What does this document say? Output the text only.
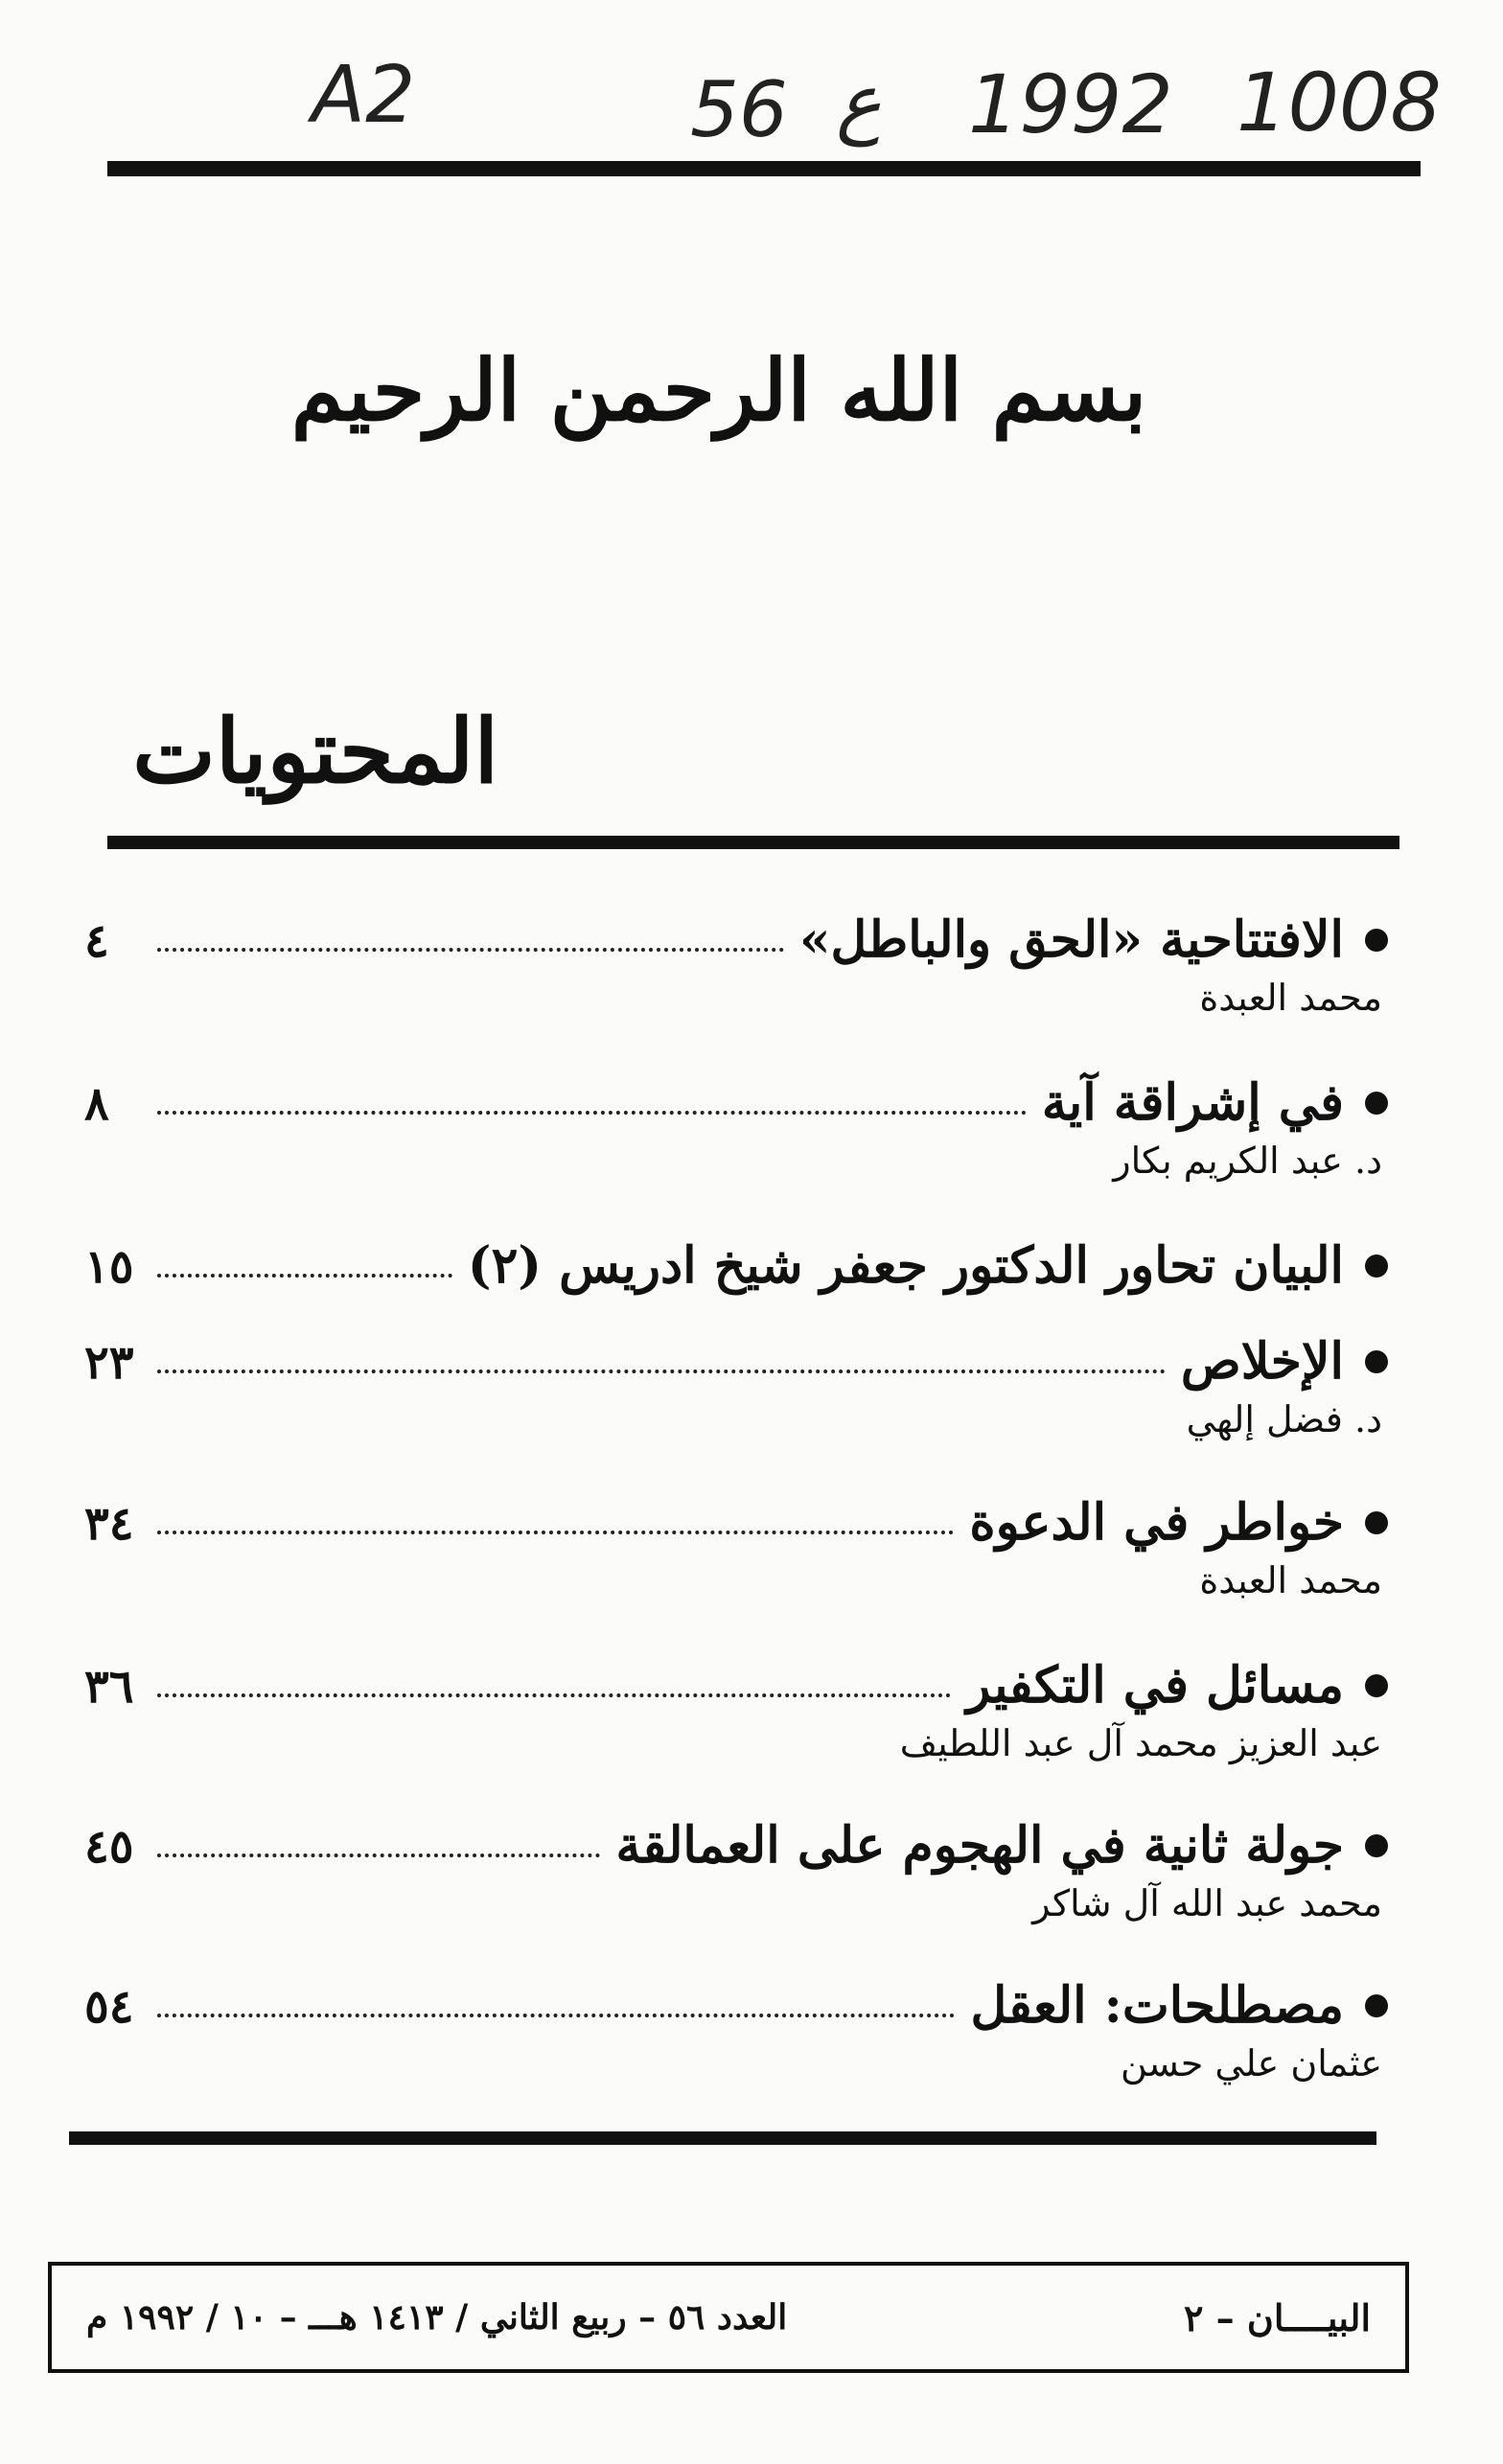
A2	56 ع 1992 1008
بسم الله الرحمن الرحيم
المحتويات
الافتتاحية «الحق والباطل»
٤
محمد العبدة
في إشراقة آية
٨
د. عبد الكريم بكار
البيان تحاور الدكتور جعفر شيخ ادريس (٢)
١٥
الإخلاص
٢٣
د. فضل إلهي
خواطر في الدعوة
٣٤
محمد العبدة
مسائل في التكفير
٣٦
عبد العزيز محمد آل عبد اللطيف
جولة ثانية في الهجوم على العمالقة
٤٥
محمد عبد الله آل شاكر
مصطلحات: العقل
٥٤
عثمان علي حسن
البيــــان – ٢
العدد ٥٦ – ربيع الثاني / ١٤١٣ هـــ – ١٠ / ١٩٩٢ م
